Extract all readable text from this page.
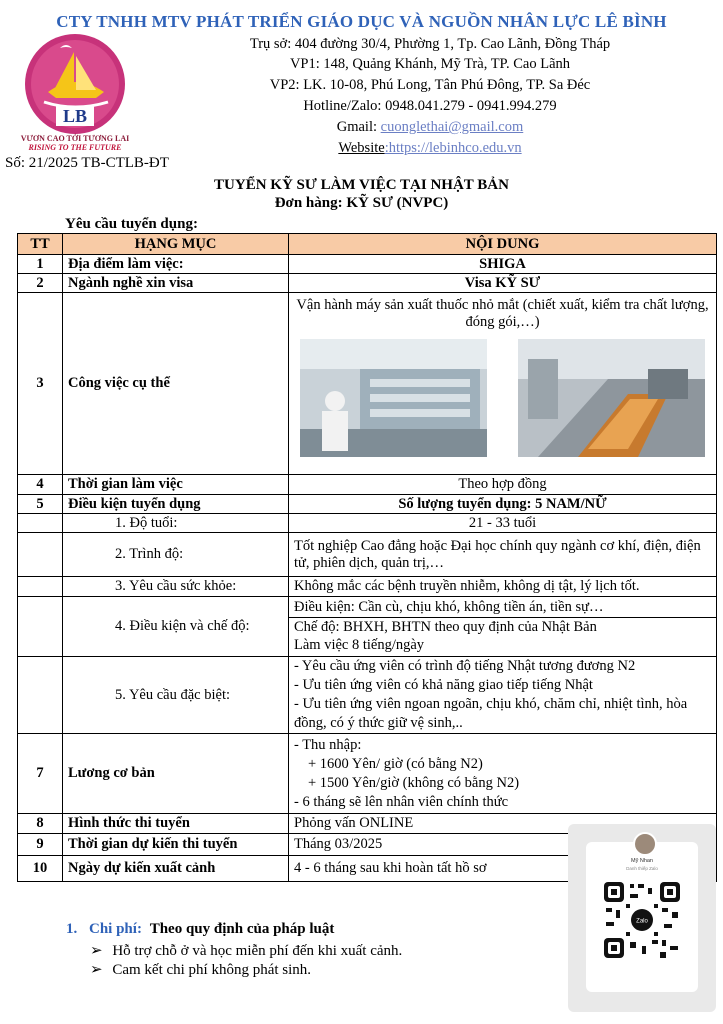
CTY TNHH MTV PHÁT TRIỂN GIÁO DỤC VÀ NGUỒN NHÂN LỰC LÊ BÌNH
LB
VƯƠN CAO TỚI TƯƠNG LAI
RISING TO THE FUTURE
Trụ sở: 404 đường 30/4, Phường 1, Tp. Cao Lãnh, Đồng Tháp
VP1: 148, Quảng Khánh, Mỹ Trà, TP. Cao Lãnh
VP2: LK. 10-08, Phú Long, Tân Phú Đông, TP. Sa Đéc
Hotline/Zalo: 0948.041.279 - 0941.994.279
Gmail: cuonglethai@gmail.com
Website:https://lebinhco.edu.vn
Số: 21/2025 TB-CTLB-ĐT
TUYỂN KỸ SƯ LÀM VIỆC TẠI NHẬT BẢN
Đơn hàng: KỸ SƯ (NVPC)
Yêu cầu tuyển dụng:
TT	HẠNG MỤC	NỘI DUNG
1	Địa điểm làm việc:	SHIGA
2	Ngành nghề xin visa	Visa KỸ SƯ
3	Công việc cụ thể	Vận hành máy sản xuất thuốc nhỏ mắt (chiết xuất, kiểm tra chất lượng, đóng gói,…)

4	Thời gian làm việc	Theo hợp đồng
5	Điều kiện tuyển dụng	Số lượng tuyển dụng: 5 NAM/NỮ
	1. Độ tuổi:	21 - 33 tuổi
	2. Trình độ:	Tốt nghiệp Cao đẳng hoặc Đại học chính quy ngành cơ khí, điện, điện tử, phiên dịch, quản trị,…
	3. Yêu cầu sức khỏe:	Không mắc các bệnh truyền nhiễm, không dị tật, lý lịch tốt.
	4. Điều kiện và chế độ:	Điều kiện: Cần cù, chịu khó, không tiền án, tiền sự…
Chế độ: BHXH, BHTN theo quy định của Nhật Bản
Làm việc 8 tiếng/ngày

	5. Yêu cầu đặc biệt:	- Yêu cầu ứng viên có trình độ tiếng Nhật tương đương N2
- Ưu tiên ứng viên có khả năng giao tiếp tiếng Nhật
- Ưu tiên ứng viên ngoan ngoãn, chịu khó, chăm chỉ, nhiệt tình, hòa đồng, có ý thức giữ vệ sinh,..

7	Lương cơ bản	- Thu nhập:
+ 1600 Yên/ giờ (có bằng N2)
+ 1500 Yên/giờ (không có bằng N2)
- 6 tháng sẽ lên nhân viên chính thức

8	Hình thức thi tuyển	Phỏng vấn ONLINE
9	Thời gian dự kiến thi tuyển	Tháng 03/2025
10	Ngày dự kiến xuất cảnh	4 - 6 tháng sau khi hoàn tất hồ sơ
1. Chi phí: Theo quy định của pháp luật
➢ Hỗ trợ chỗ ở và học miễn phí đến khi xuất cảnh.
➢ Cam kết chi phí không phát sinh.
Mỹ Nhan
Danh thiếp Zalo
Zalo
